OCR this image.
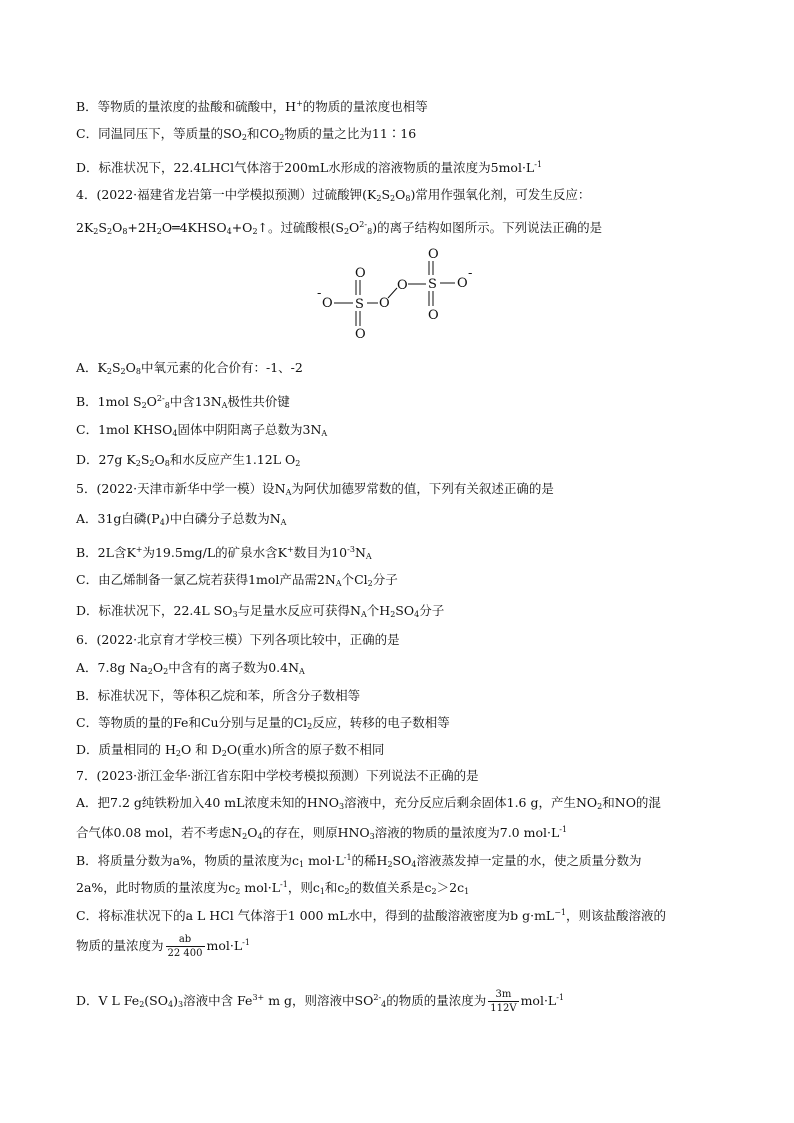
B．等物质的量浓度的盐酸和硫酸中，H+的物质的量浓度也相等
C．同温同压下，等质量的$SO_2$和$CO_2$物质的量之比为11∶16
D．标准状况下，22.4LHCl气体溶于200mL水形成的溶液物质的量浓度为$5mol\cdot L^{-1}$
4．(2022·福建省龙岩第一中学模拟预测）过硫酸钾$(K_2S_2O_8)$常用作强氧化剂，可发生反应：
$2K_2S_2O_8+2H_2O═4KHSO_4+O_2↑$。过硫酸根$(S_2O^{2-}_8)$的离子结构如图所示。下列说法正确的是
-
O S
O
O
O
O S
O
O
O
-
A．$K_2S_2O_8$中氧元素的化合价有：-1、-2
B．1mol $S_2O^{2-}_8$中含$13N_A$极性共价键
C．1mol $KHSO_4$固体中阴阳离子总数为$3N_A$
D．27g $K_2S_2O_8$和水反应产生1.12L $O_2$
5．(2022·天津市新华中学一模）设$N_A$为阿伏加德罗常数的值，下列有关叙述正确的是
A．31g白磷$(P_4)$中白磷分子总数为$N_A$
B．2L含K+为19.5mg/L的矿泉水含K+数目为$10^{-3}N_A$
C．由乙烯制备一氯乙烷若获得1mol产品需$2N_A$个$Cl_2$分子
D．标准状况下，22.4L $SO_3$与足量水反应可获得$N_A$个$H_2SO_4$分子
6．(2022·北京育才学校三模）下列各项比较中，正确的是
A．7.8g $Na_2O_2$中含有的离子数为$0.4N_A$
B．标准状况下，等体积乙烷和苯，所含分子数相等
C．等物质的量的Fe和Cu分别与足量的$Cl_2$反应，转移的电子数相等
D．质量相同的 $H_2O$ 和 $D_2O$(重水)所含的原子数不相同
7．(2023·浙江金华·浙江省东阳中学校考模拟预测）下列说法不正确的是
A．把7.2 g纯铁粉加入40 mL浓度未知的$HNO_3$溶液中，充分反应后剩余固体1.6 g，产生$NO_2$和NO的混
合气体0.08 mol，若不考虑$N_2O_4$的存在，则原$HNO_3$溶液的物质的量浓度为7.0 $mol\cdot L^{-1}$
B．将质量分数为a%，物质的量浓度为$c_1$ $mol\cdot L^{-1}$的稀$H_2SO_4$溶液蒸发掉一定量的水，使之质量分数为
2a%，此时物质的量浓度为$c_2$ $mol\cdot L^{-1}$，则$c_1$和$c_2$的数值关系是$c_2>2c_1$
C．将标准状况下的a L HCl 气体溶于1 000 mL水中，得到的盐酸溶液密度为b $g\cdot mL^{-1}$，则该盐酸溶液的
物质的量浓度为 $\frac{ab}{22 400} mol\cdot L^{-1}$
D．V L $Fe_2(SO_4)_3$溶液中含 $Fe^{3+}$ m g，则溶液中$SO^{2-}_4$的物质的量浓度为 $\frac{3m}{112V} mol\cdot L^{-1}$
